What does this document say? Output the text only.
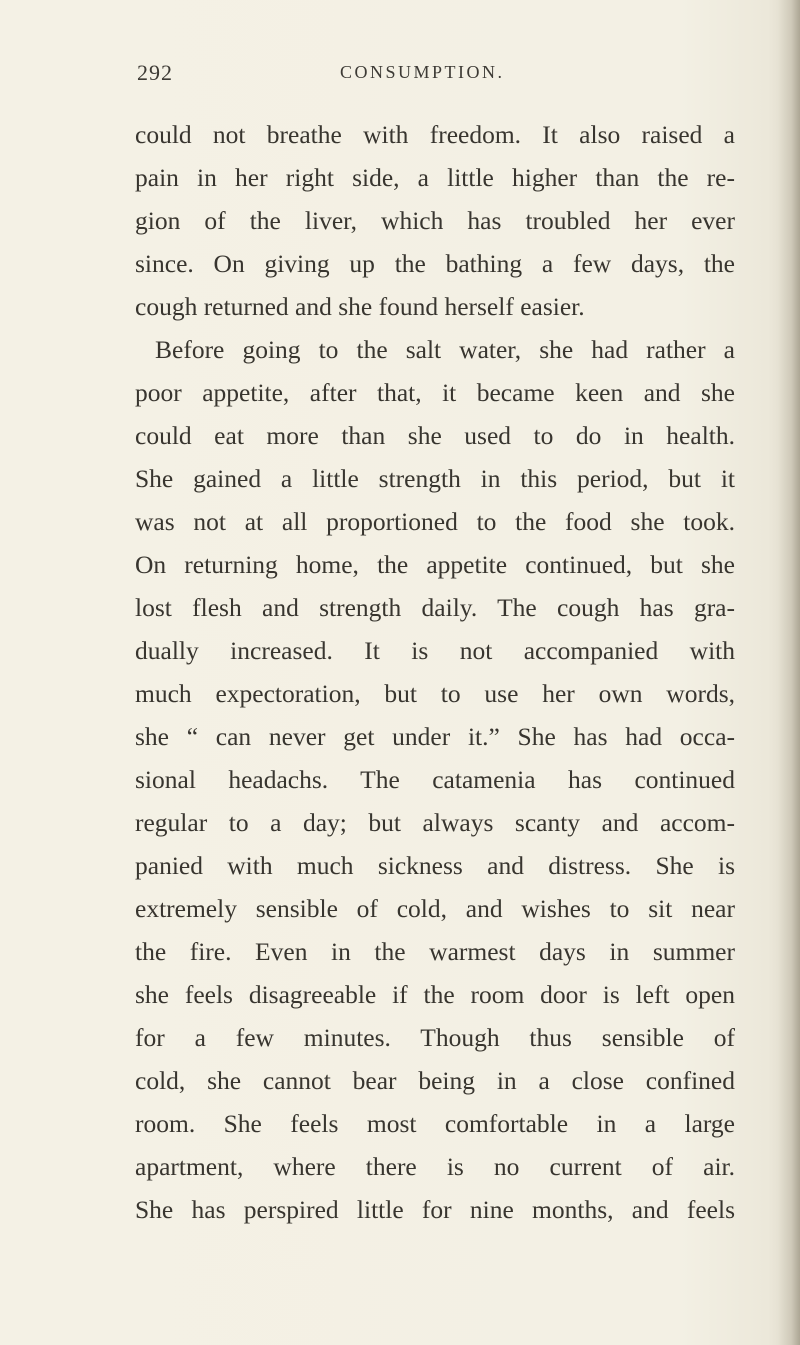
292	CONSUMPTION.
could not breathe with freedom. It also raised a
pain in her right side, a little higher than the re-
gion of the liver, which has troubled her ever
since. On giving up the bathing a few days, the
cough returned and she found herself easier.
Before going to the salt water, she had rather a
poor appetite, after that, it became keen and she
could eat more than she used to do in health.
She gained a little strength in this period, but it
was not at all proportioned to the food she took.
On returning home, the appetite continued, but she
lost flesh and strength daily. The cough has gra-
dually increased. It is not accompanied with
much expectoration, but to use her own words,
she “ can never get under it.” She has had occa-
sional headachs. The catamenia has continued
regular to a day; but always scanty and accom-
panied with much sickness and distress. She is
extremely sensible of cold, and wishes to sit near
the fire. Even in the warmest days in summer
she feels disagreeable if the room door is left open
for a few minutes. Though thus sensible of
cold, she cannot bear being in a close confined
room. She feels most comfortable in a large
apartment, where there is no current of air.
She has perspired little for nine months, and feels
